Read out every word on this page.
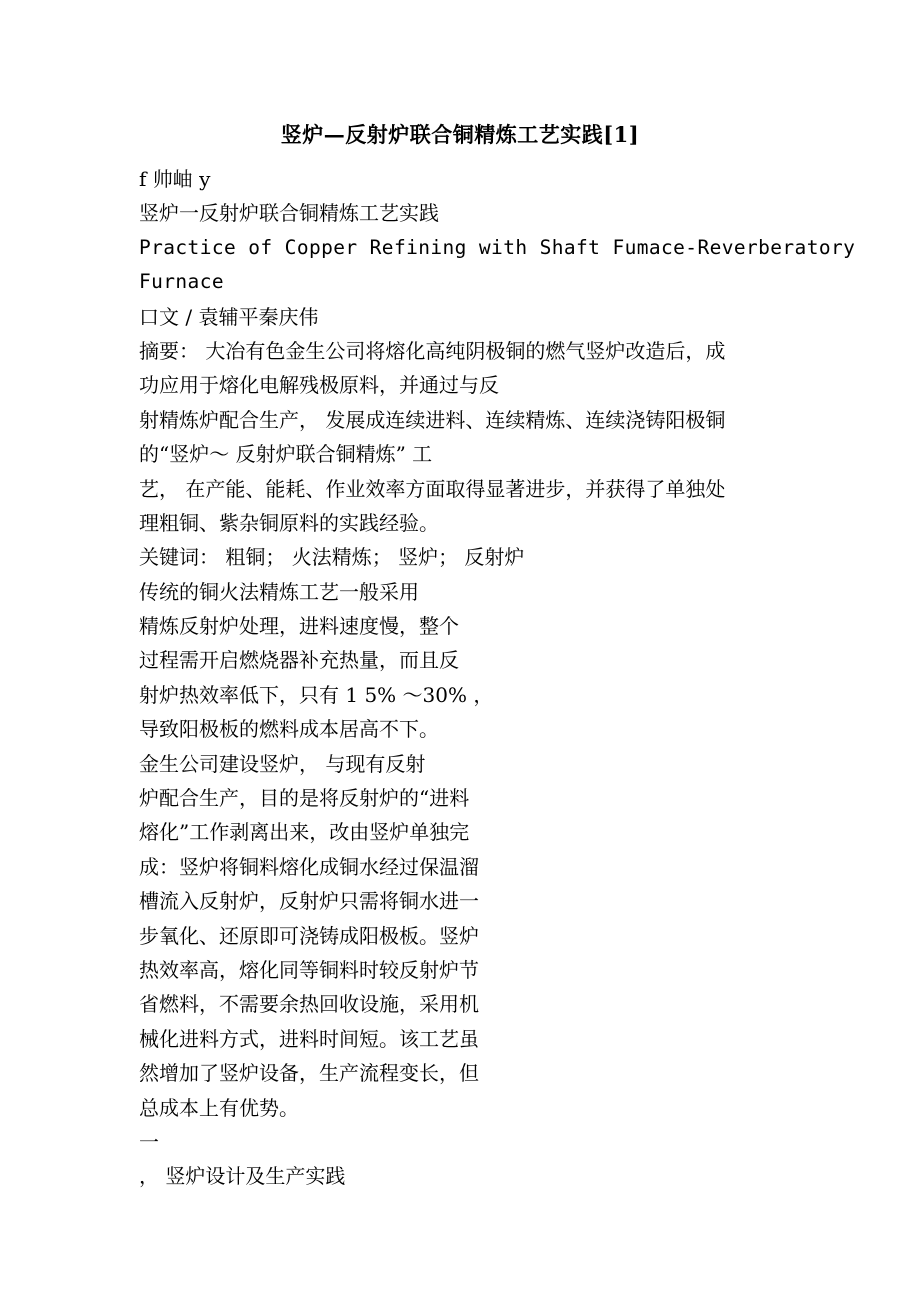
竖炉—反射炉联合铜精炼工艺实践[1]
f 帅岫 y
竖炉一反射炉联合铜精炼工艺实践
Practice of Copper Refining with Shaft Fumace-Reverberatory
Furnace
口文 / 袁辅平秦庆伟
摘要： 大冶有色金生公司将熔化高纯阴极铜的燃气竖炉改造后，成
功应用于熔化电解残极原料，并通过与反
射精炼炉配合生产， 发展成连续进料、连续精炼、连续浇铸阳极铜
的“竖炉～ 反射炉联合铜精炼” 工
艺， 在产能、能耗、作业效率方面取得显著进步，并获得了单独处
理粗铜、紫杂铜原料的实践经验。
关键词： 粗铜； 火法精炼； 竖炉； 反射炉
传统的铜火法精炼工艺一般采用
精炼反射炉处理，进料速度慢，整个
过程需开启燃烧器补充热量，而且反
射炉热效率低下，只有 1 5% ～30% ，
导致阳极板的燃料成本居高不下。
金生公司建设竖炉， 与现有反射
炉配合生产，目的是将反射炉的“进料
熔化”工作剥离出来，改由竖炉单独完
成：竖炉将铜料熔化成铜水经过保温溜
槽流入反射炉，反射炉只需将铜水进一
步氧化、还原即可浇铸成阳极板。竖炉
热效率高，熔化同等铜料时较反射炉节
省燃料，不需要余热回收设施，采用机
械化进料方式，进料时间短。该工艺虽
然增加了竖炉设备，生产流程变长，但
总成本上有优势。
一
， 竖炉设计及生产实践
